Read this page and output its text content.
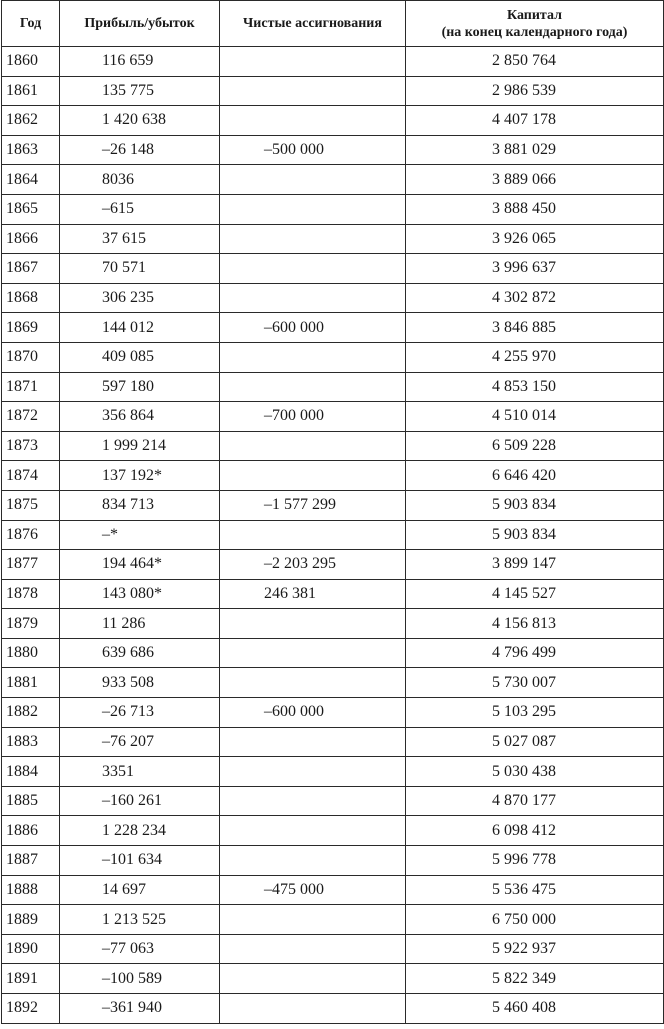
Год	Прибыль/убыток	Чистые ассигнования	Капитал
(на конец календарного года)

1860	116 659		2 850 764
1861	135 775		2 986 539
1862	1 420 638		4 407 178
1863	–26 148	–500 000	3 881 029
1864	8036		3 889 066
1865	–615		3 888 450
1866	37 615		3 926 065
1867	70 571		3 996 637
1868	306 235		4 302 872
1869	144 012	–600 000	3 846 885
1870	409 085		4 255 970
1871	597 180		4 853 150
1872	356 864	–700 000	4 510 014
1873	1 999 214		6 509 228
1874	137 192*		6 646 420
1875	834 713	–1 577 299	5 903 834
1876	–*		5 903 834
1877	194 464*	–2 203 295	3 899 147
1878	143 080*	246 381	4 145 527
1879	11 286		4 156 813
1880	639 686		4 796 499
1881	933 508		5 730 007
1882	–26 713	–600 000	5 103 295
1883	–76 207		5 027 087
1884	3351		5 030 438
1885	–160 261		4 870 177
1886	1 228 234		6 098 412
1887	–101 634		5 996 778
1888	14 697	–475 000	5 536 475
1889	1 213 525		6 750 000
1890	–77 063		5 922 937
1891	–100 589		5 822 349
1892	–361 940		5 460 408
